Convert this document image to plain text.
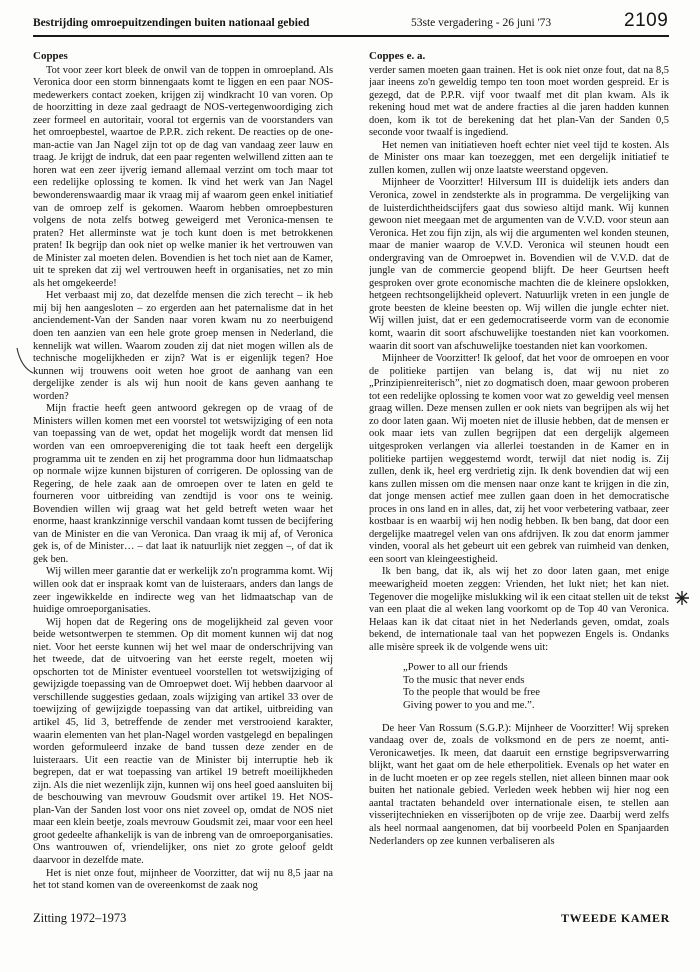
Bestrijding omroepuitzendingen buiten nationaal gebied	53ste vergadering - 26 juni '73	2109
Coppes

Tot voor zeer kort bleek de onwil van de toppen in omroepland. Als Veronica door een storm binnengaats komt te liggen en een paar NOS-medewerkers contact zoeken, krijgen zij windkracht 10 van voren. Op de hoorzitting in deze zaal gedraagt de NOS-vertegenwoordiging zich zeer formeel en autoritair, vooral tot ergernis van de voorstanders van het omroepbestel, waartoe de P.P.R. zich rekent. De reacties op de one-man-actie van Jan Nagel zijn tot op de dag van vandaag zeer lauw en traag. Je krijgt de indruk, dat een paar regenten welwillend zitten aan te horen wat een zeer ijverig iemand allemaal verzint om toch maar tot een redelijke oplossing te komen. Ik vind het werk van Jan Nagel bewonderenswaardig maar ik vraag mij af waarom geen enkel initiatief van de omroep zelf is gekomen. Waarom hebben omroepbesturen volgens de nota zelfs botweg geweigerd met Veronica-mensen te praten? Het allerminste wat je toch kunt doen is met betrokkenen praten! Ik begrijp dan ook niet op welke manier ik het vertrouwen van de Minister zal moeten delen. Bovendien is het toch niet aan de Kamer, uit te spreken dat zij wel vertrouwen heeft in organisaties, net zo min als het omgekeerde!

Het verbaast mij zo, dat dezelfde mensen die zich terecht – ik heb mij bij hen aangesloten – zo ergerden aan het paternalisme dat in het anciendement-Van der Sanden naar voren kwam nu zo neerbuigend doen ten aanzien van een hele grote groep mensen in Nederland, die kennelijk wat willen. Waarom zouden zij dat niet mogen willen als de technische mogelijkheden er zijn? Wat is er eigenlijk tegen? Hoe kunnen wij trouwens ooit weten hoe groot de aanhang van een dergelijke zender is als wij hun nooit de kans geven aanhang te worden?

Mijn fractie heeft geen antwoord gekregen op de vraag of de Ministers willen komen met een voorstel tot wetswijziging of een nota van toepassing van de wet, opdat het mogelijk wordt dat mensen lid worden van een omroepvereniging die tot taak heeft een dergelijk programma uit te zenden en zij het programma door hun lidmaatschap op normale wijze kunnen bijsturen of corrigeren. De oplossing van de Regering, de hele zaak aan de omroepen over te laten en geld te fourneren voor uitbreiding van zendtijd is voor ons te weinig. Bovendien willen wij graag wat het geld betreft weten waar het enorme, haast krankzinnige verschil vandaan komt tussen de becijfering van de Minister en die van Veronica. Dan vraag ik mij af, of Veronica gek is, of de Minister… – dat laat ik natuurlijk niet zeggen –, of dat ik gek ben.

Wij willen meer garantie dat er werkelijk zo'n programma komt. Wij willen ook dat er inspraak komt van de luisteraars, anders dan langs de zeer ingewikkelde en indirecte weg van het lidmaatschap van de huidige omroeporganisaties.

Wij hopen dat de Regering ons de mogelijkheid zal geven voor beide wetsontwerpen te stemmen. Op dit moment kunnen wij dat nog niet. Voor het eerste kunnen wij het wel maar de onderschrijving van het tweede, dat de uitvoering van het eerste regelt, moeten wij opschorten tot de Minister eventueel voorstellen tot wetswijziging of gewijzigde toepassing van de Omroepwet doet. Wij hebben daarvoor al verschillende suggesties gedaan, zoals wijziging van artikel 33 over de toewijzing of gewijzigde toepassing van dat artikel, uitbreiding van artikel 45, lid 3, betreffende de zender met verstrooiend karakter, waarin elementen van het plan-Nagel worden vastgelegd en bepalingen worden geformuleerd inzake de band tussen deze zender en de luisteraars. Uit een reactie van de Minister bij interruptie heb ik begrepen, dat er wat toepassing van artikel 19 betreft moeilijkheden zijn. Als die niet wezenlijk zijn, kunnen wij ons heel goed aansluiten bij de beschouwing van mevrouw Goudsmit over artikel 19. Het NOS-plan-Van der Sanden lost voor ons niet zoveel op, omdat de NOS niet maar een klein beetje, zoals mevrouw Goudsmit zei, maar voor een heel groot gedeelte afhankelijk is van de inbreng van de omroeporganisaties. Ons wantrouwen of, vriendelijker, ons niet zo grote geloof geldt daarvoor in dezelfde mate.

Het is niet onze fout, mijnheer de Voorzitter, dat wij nu 8,5 jaar na het tot stand komen van de overeenkomst de zaak nog

Coppes e. a.

verder samen moeten gaan trainen. Het is ook niet onze fout, dat na 8,5 jaar ineens zo'n geweldig tempo ten toon moet worden gespreid. Er is gezegd, dat de P.P.R. vijf voor twaalf met dit plan kwam. Als ik rekening houd met wat de andere fracties al die jaren hadden kunnen doen, kom ik tot de berekening dat het plan-Van der Sanden 0,5 seconde voor twaalf is ingediend.

Het nemen van initiatieven hoeft echter niet veel tijd te kosten. Als de Minister ons maar kan toezeggen, met een dergelijk initiatief te zullen komen, zullen wij onze laatste weerstand opgeven.

Mijnheer de Voorzitter! Hilversum III is duidelijk iets anders dan Veronica, zowel in zendsterkte als in programma. De vergelijking van de luisterdichtheidscijfers gaat dus sowieso altijd mank. Wij kunnen gewoon niet meegaan met de argumenten van de V.V.D. voor steun aan Veronica. Het zou fijn zijn, als wij die argumenten wel konden steunen, maar de manier waarop de V.V.D. Veronica wil steunen houdt een ondergraving van de Omroepwet in. Bovendien wil de V.V.D. dat de jungle van de commercie geopend blijft. De heer Geurtsen heeft gesproken over grote economische machten die de kleinere opslokken, hetgeen rechtsongelijkheid oplevert. Natuurlijk vreten in een jungle de grote beesten de kleine beesten op. Wij willen die jungle echter niet. Wij willen juist, dat er een gedemocratiseerde vorm van de economie komt, waarin dit soort afschuwelijke toestanden niet kan voorkomen. waarin dit soort van afschuwelijke toestanden niet kan voorkomen.

Mijnheer de Voorzitter! Ik geloof, dat het voor de omroepen en voor de politieke partijen van belang is, dat wij nu niet zo „Prinzipienreiterisch”, niet zo dogmatisch doen, maar gewoon proberen tot een redelijke oplossing te komen voor wat zo geweldig veel mensen graag willen. Deze mensen zullen er ook niets van begrijpen als wij het zo door laten gaan. Wij moeten niet de illusie hebben, dat de mensen er ook maar iets van zullen begrijpen dat een dergelijk algemeen uitgesproken verlangen via allerlei toestanden in de Kamer en in politieke partijen weggestemd wordt, terwijl dat niet nodig is. Zij zullen, denk ik, heel erg verdrietig zijn. Ik denk bovendien dat wij een kans zullen missen om die mensen naar onze kant te krijgen in die zin, dat jonge mensen actief mee zullen gaan doen in het democratische proces in ons land en in alles, dat, zij het voor verbetering vatbaar, zeer kostbaar is en waarbij wij hen nodig hebben. Ik ben bang, dat door een dergelijke maatregel velen van ons afdrijven. Ik zou dat enorm jammer vinden, vooral als het gebeurt uit een gebrek van ruimheid van denken, een soort van kleingeestigheid.

Ik ben bang, dat ik, als wij het zo door laten gaan, met enige meewarigheid moeten zeggen: Vrienden, het lukt niet; het kan niet. Tegenover die mogelijke mislukking wil ik een citaat stellen uit de tekst van een plaat die al weken lang voorkomt op de Top 40 van Veronica. Helaas kan ik dat citaat niet in het Nederlands geven, omdat, zoals bekend, de internationale taal van het popwezen Engels is. Ondanks alle misère spreek ik de volgende wens uit:

„Power to all our friends
To the music that never ends
To the people that would be free
Giving power to you and me.”.

De heer Van Rossum (S.G.P.): Mijnheer de Voorzitter! Wij spreken vandaag over de, zoals de volksmond en de pers ze noemt, anti-Veronicawetjes. Ik meen, dat daaruit een ernstige begripsverwarring blijkt, want het gaat om de hele etherpolitiek. Evenals op het water en in de lucht moeten er op zee regels stellen, niet alleen binnen maar ook buiten het nationale gebied. Verleden week hebben wij hier nog een aantal tractaten behandeld over internationale eisen, te stellen aan visserijtechnieken en visserijboten op de vrije zee. Daarbij werd zelfs als heel normaal aangenomen, dat bij voorbeeld Polen en Spanjaarden Nederlanders op zee kunnen verbaliseren als

Zitting 1972–1973	TWEEDE KAMER
